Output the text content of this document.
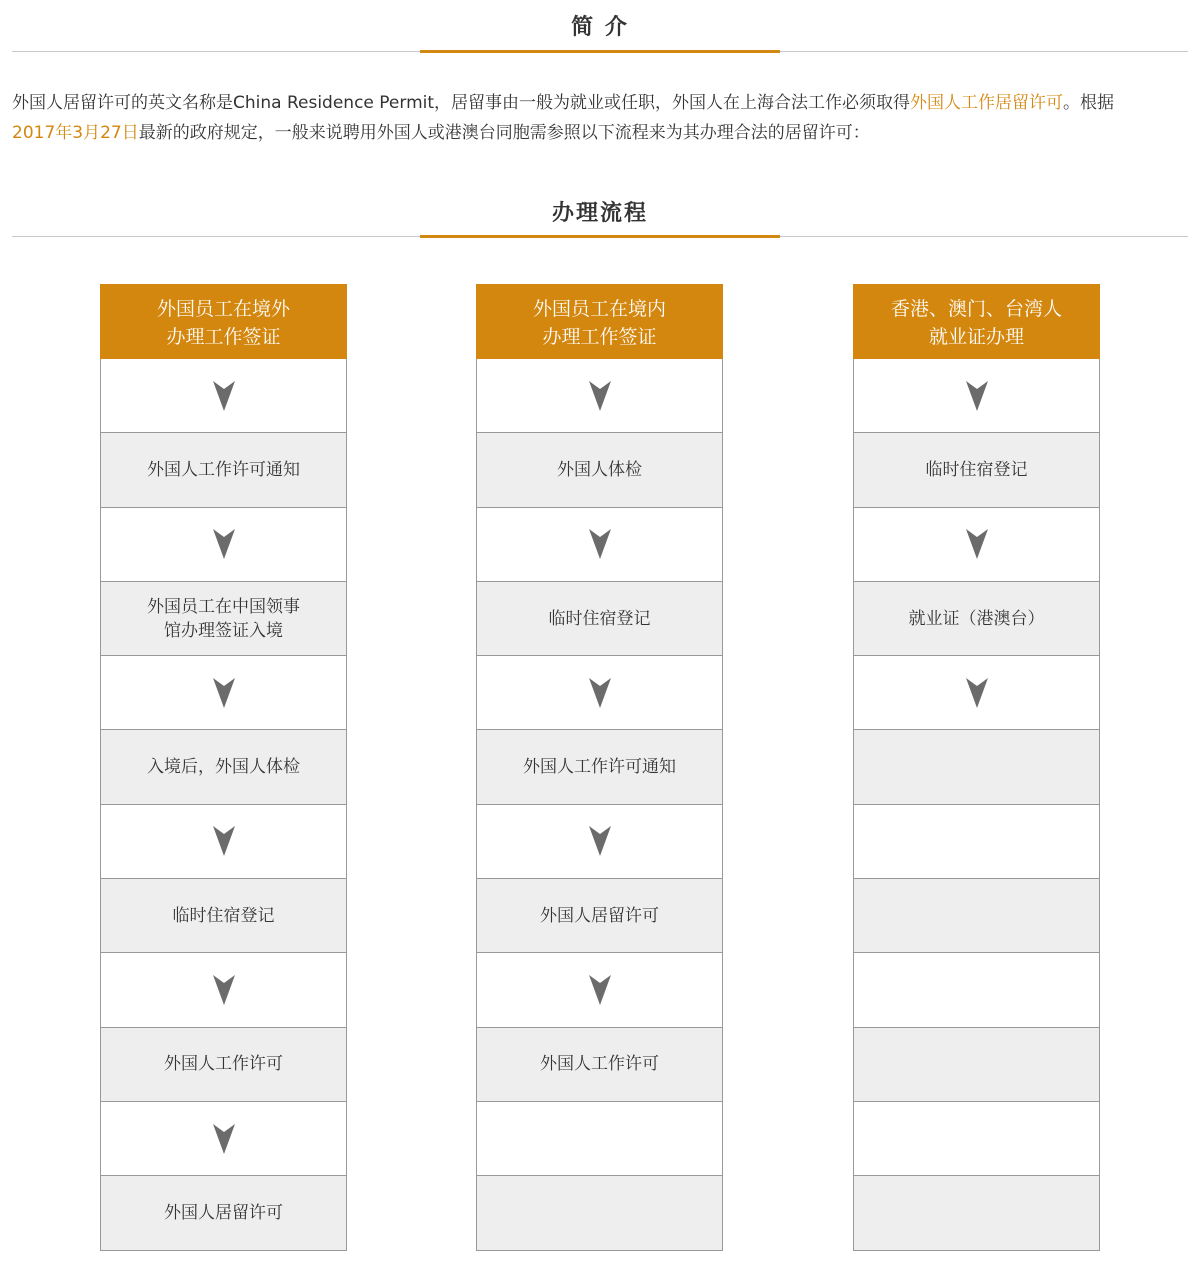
简 介

外国人居留许可的英文名称是China Residence Permit，居留事由一般为就业或任职，外国人在上海合法工作必须取得外国人工作居留许可。根据
2017年3月27日最新的政府规定，一般来说聘用外国人或港澳台同胞需参照以下流程来为其办理合法的居留许可：

办理流程
外国员工在境外
办理工作签证
外国人工作许可通知
外国员工在中国领事
馆办理签证入境
入境后，外国人体检
临时住宿登记
外国人工作许可
外国人居留许可
外国员工在境内
办理工作签证
外国人体检
临时住宿登记
外国人工作许可通知
外国人居留许可
外国人工作许可
香港、澳门、台湾人
就业证办理
临时住宿登记
就业证（港澳台）
